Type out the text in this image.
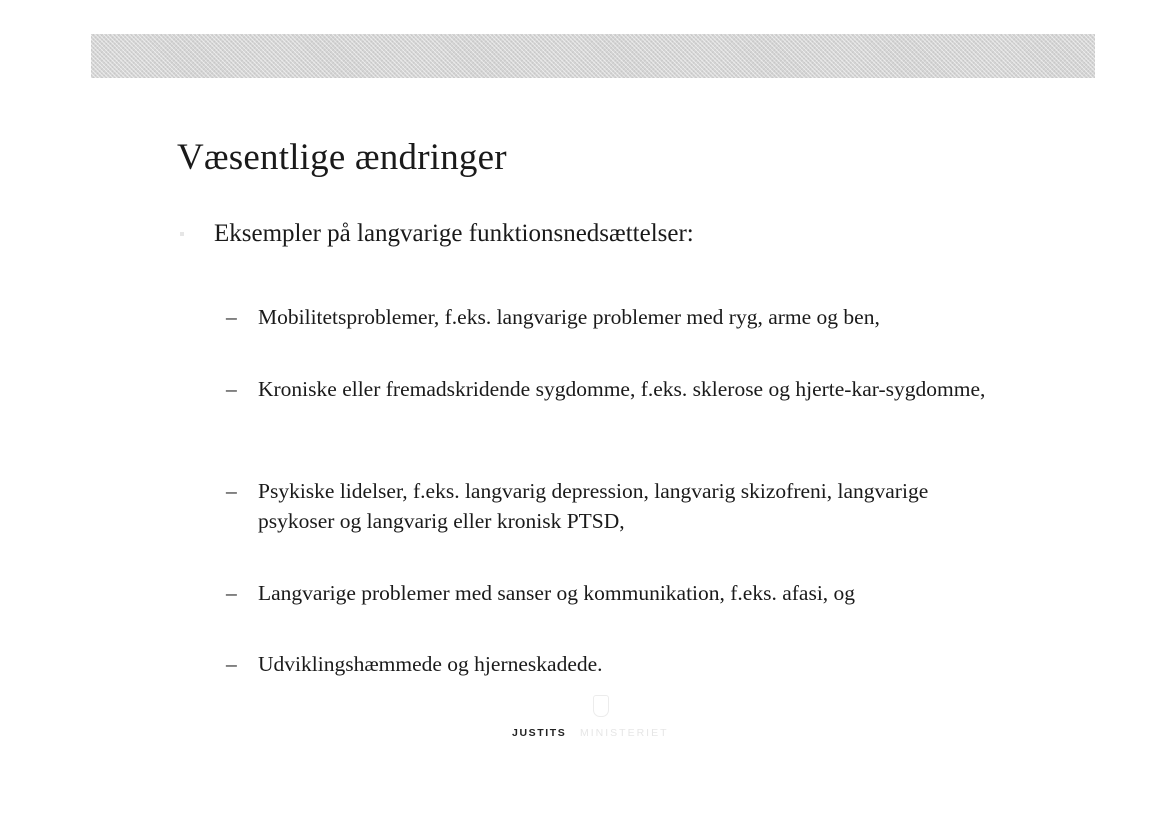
Væsentlige ændringer

Eksempler på langvarige funktionsnedsættelser:

– Mobilitetsproblemer, f.eks. langvarige problemer med ryg, arme og ben,
– Kroniske eller fremadskridende sygdomme, f.eks. sklerose og hjerte-kar-sygdomme,
– Psykiske lidelser, f.eks. langvarig depression, langvarig skizofreni, langvarige psykoser og langvarig eller kronisk PTSD,
– Langvarige problemer med sanser og kommunikation, f.eks. afasi, og
– Udviklingshæmmede og hjerneskadede.
JUSTITS MINISTERIET
